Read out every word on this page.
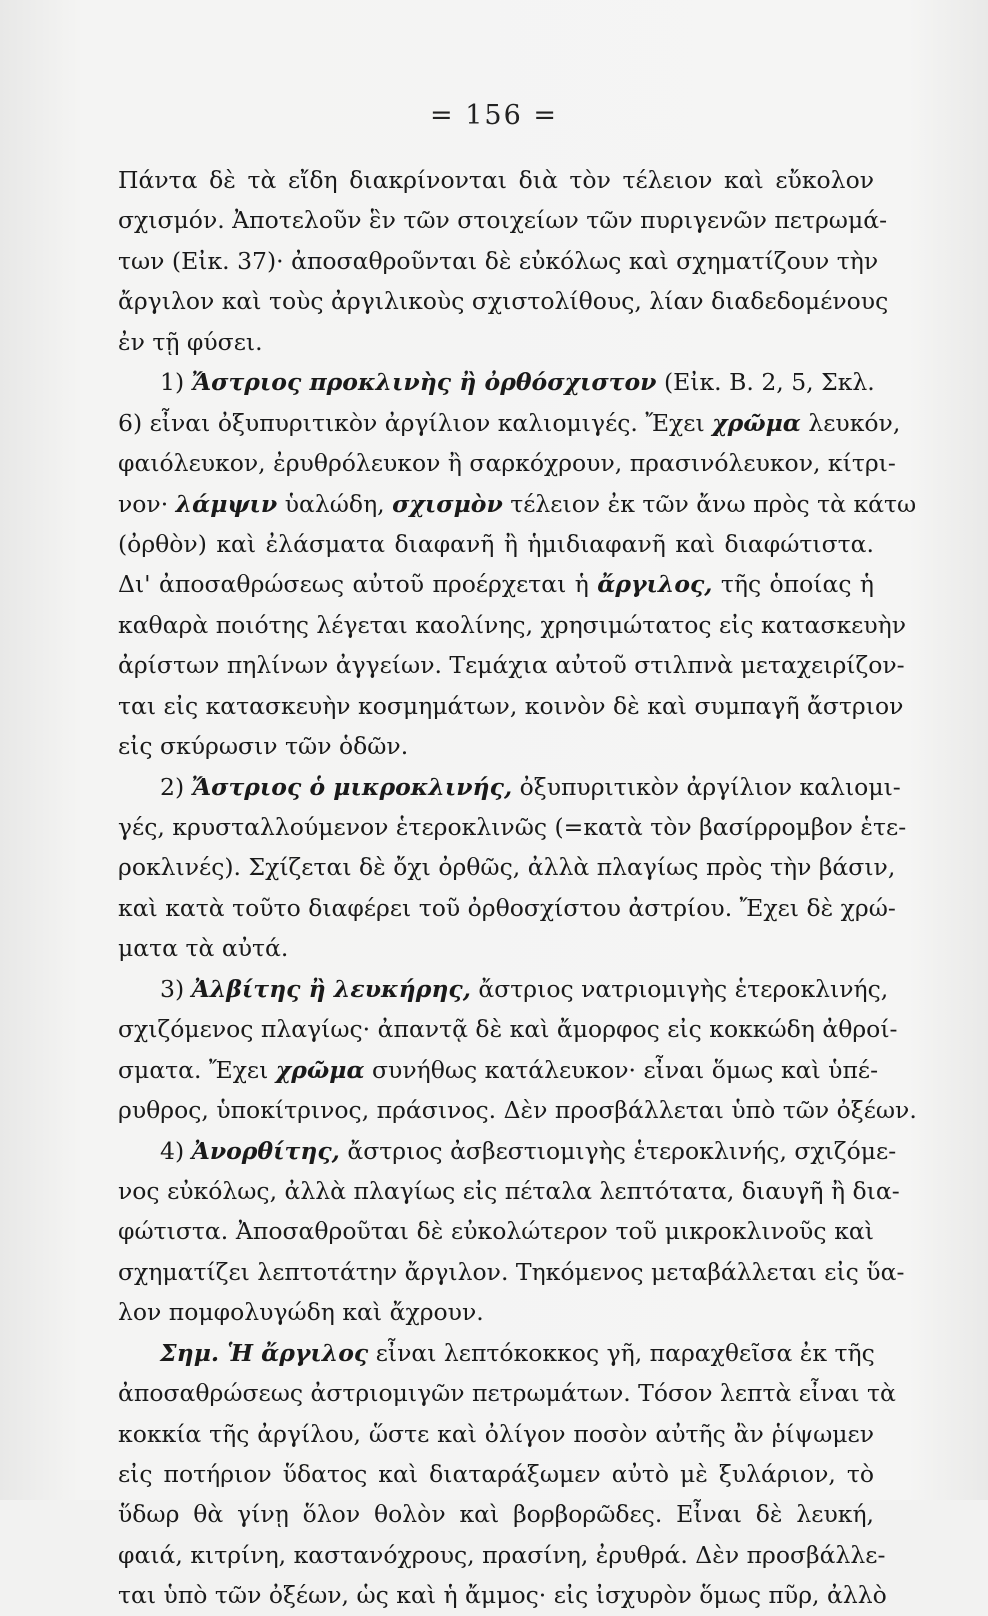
= 156 =
Πάντα δὲ τὰ εἴδη διακρίνονται διὰ τὸν τέλειον καὶ εὔκολον
σχισμόν. Ἀποτελοῦν ἓν τῶν στοιχείων τῶν πυριγενῶν πετρωμά-
των (Εἰκ. 37)· ἀποσαθροῦνται δὲ εὐκόλως καὶ σχηματίζουν τὴν
ἄργιλον καὶ τοὺς ἀργιλικοὺς σχιστολίθους, λίαν διαδεδομένους
ἐν τῇ φύσει.
1) Ἄστριος προκλινὴς ἢ ὀρθόσχιστον (Εἰκ. Β. 2, 5, Σκλ.
6) εἶναι ὀξυπυριτικὸν ἀργίλιον καλιομιγές. Ἔχει χρῶμα λευκόν,
φαιόλευκον, ἐρυθρόλευκον ἢ σαρκόχρουν, πρασινόλευκον, κίτρι-
νον· λάμψιν ὑαλώδη, σχισμὸν τέλειον ἐκ τῶν ἄνω πρὸς τὰ κάτω
(ὀρθὸν) καὶ ἐλάσματα διαφανῆ ἢ ἡμιδιαφανῆ καὶ διαφώτιστα.
Δι' ἀποσαθρώσεως αὐτοῦ προέρχεται ἡ ἄργιλος, τῆς ὁποίας ἡ
καθαρὰ ποιότης λέγεται καολίνης, χρησιμώτατος εἰς κατασκευὴν
ἀρίστων πηλίνων ἀγγείων. Τεμάχια αὐτοῦ στιλπνὰ μεταχειρίζον-
ται εἰς κατασκευὴν κοσμημάτων, κοινὸν δὲ καὶ συμπαγῆ ἄστριον
εἰς σκύρωσιν τῶν ὁδῶν.
2) Ἄστριος ὁ μικροκλινής, ὀξυπυριτικὸν ἀργίλιον καλιομι-
γές, κρυσταλλούμενον ἑτεροκλινῶς (=κατὰ τὸν βασίρρομβον ἑτε-
ροκλινές). Σχίζεται δὲ ὄχι ὀρθῶς, ἀλλὰ πλαγίως πρὸς τὴν βάσιν,
καὶ κατὰ τοῦτο διαφέρει τοῦ ὀρθοσχίστου ἀστρίου. Ἔχει δὲ χρώ-
ματα τὰ αὐτά.
3) Ἀλβίτης ἢ λευκήρης, ἄστριος νατριομιγὴς ἑτεροκλινής,
σχιζόμενος πλαγίως· ἀπαντᾷ δὲ καὶ ἄμορφος εἰς κοκκώδη ἀθροί-
σματα. Ἔχει χρῶμα συνήθως κατάλευκον· εἶναι ὅμως καὶ ὑπέ-
ρυθρος, ὑποκίτρινος, πράσινος. Δὲν προσβάλλεται ὑπὸ τῶν ὀξέων.
4) Ἀνορθίτης, ἄστριος ἀσβεστιομιγὴς ἑτεροκλινής, σχιζόμε-
νος εὐκόλως, ἀλλὰ πλαγίως εἰς πέταλα λεπτότατα, διαυγῆ ἢ δια-
φώτιστα. Ἀποσαθροῦται δὲ εὐκολώτερον τοῦ μικροκλινοῦς καὶ
σχηματίζει λεπτοτάτην ἄργιλον. Τηκόμενος μεταβάλλεται εἰς ὕα-
λον πομφολυγώδη καὶ ἄχρουν.
Σημ. Ἡ ἄργιλος εἶναι λεπτόκοκκος γῆ, παραχθεῖσα ἐκ τῆς
ἀποσαθρώσεως ἀστριομιγῶν πετρωμάτων. Τόσον λεπτὰ εἶναι τὰ
κοκκία τῆς ἀργίλου, ὥστε καὶ ὀλίγον ποσὸν αὐτῆς ἂν ῥίψωμεν
εἰς ποτήριον ὕδατος καὶ διαταράξωμεν αὐτὸ μὲ ξυλάριον, τὸ
ὕδωρ θὰ γίνῃ ὅλον θολὸν καὶ βορβορῶδες. Εἶναι δὲ λευκή,
φαιά, κιτρίνη, καστανόχρους, πρασίνη, ἐρυθρά. Δὲν προσβάλλε-
ται ὑπὸ τῶν ὀξέων, ὡς καὶ ἡ ἄμμος· εἰς ἰσχυρὸν ὅμως πῦρ, ἀλλὸ
